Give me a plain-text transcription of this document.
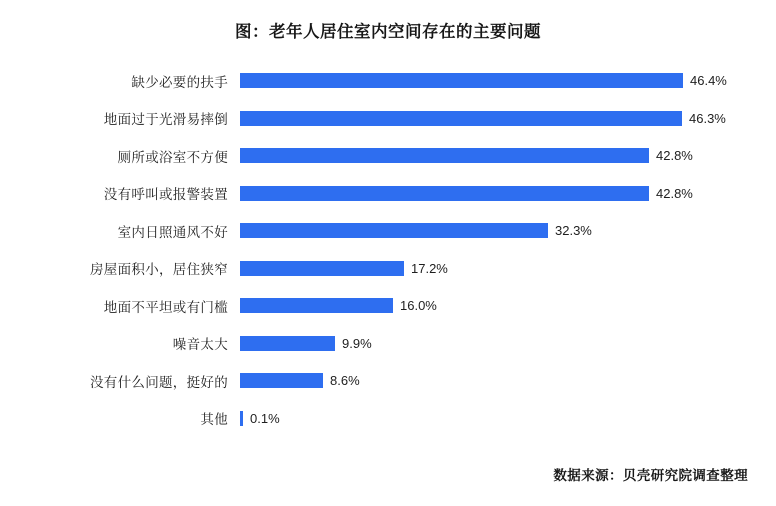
图：老年人居住室内空间存在的主要问题
缺少必要的扶手	46.4%
地面过于光滑易摔倒	46.3%
厕所或浴室不方便	42.8%
没有呼叫或报警装置	42.8%
室内日照通风不好	32.3%
房屋面积小，居住狭窄	17.2%
地面不平坦或有门槛	16.0%
噪音太大	9.9%
没有什么问题，挺好的	8.6%
其他	0.1%
数据来源：贝壳研究院调查整理
